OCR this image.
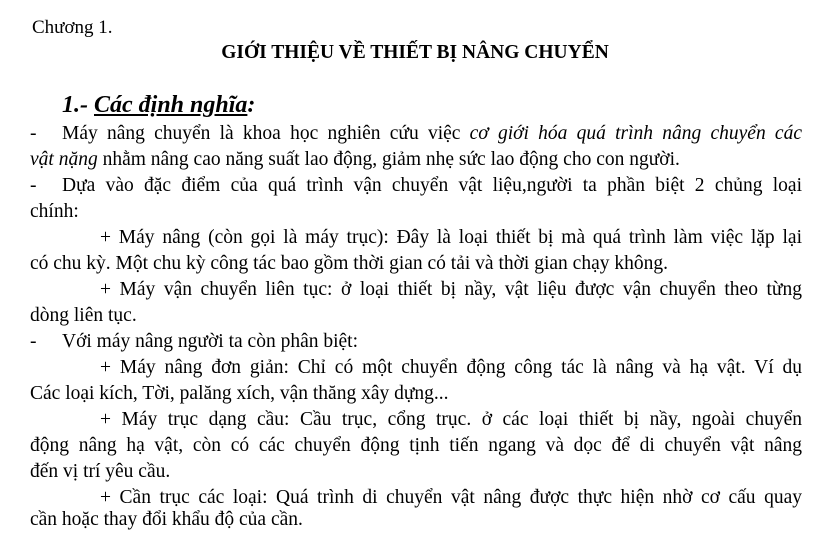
Chương 1.
GIỚI THIỆU VỀ THIẾT BỊ NÂNG CHUYỂN
1.- Các định nghĩa:
- Máy nâng chuyển là khoa học nghiên cứu việc cơ giới hóa quá trình nâng chuyển các
vật nặng nhằm nâng cao năng suất lao động, giảm nhẹ sức lao động cho con người.
- Dựa vào đặc điểm của quá trình vận chuyển vật liệu,người ta phần biệt 2 chủng loại
chính:
+ Máy nâng (còn gọi là máy trục): Đây là loại thiết bị mà quá trình làm việc lặp lại
có chu kỳ. Một chu kỳ công tác bao gồm thời gian có tải và thời gian chạy không.
+ Máy vận chuyển liên tục: ở loại thiết bị nầy, vật liệu được vận chuyển theo từng
dòng liên tục.
- Với máy nâng người ta còn phân biệt:
+ Máy nâng đơn giản: Chỉ có một chuyển động công tác là nâng và hạ vật. Ví dụ
Các loại kích, Tời, palăng xích, vận thăng xây dựng...
+ Máy trục dạng cầu: Cầu trục, cổng trục. ở các loại thiết bị nầy, ngoài chuyển
động nâng hạ vật, còn có các chuyển động tịnh tiến ngang và dọc để di chuyển vật nâng
đến vị trí yêu cầu.
+ Cần trục các loại: Quá trình di chuyển vật nâng được thực hiện nhờ cơ cấu quay
cần hoặc thay đổi khẩu độ của cần.
